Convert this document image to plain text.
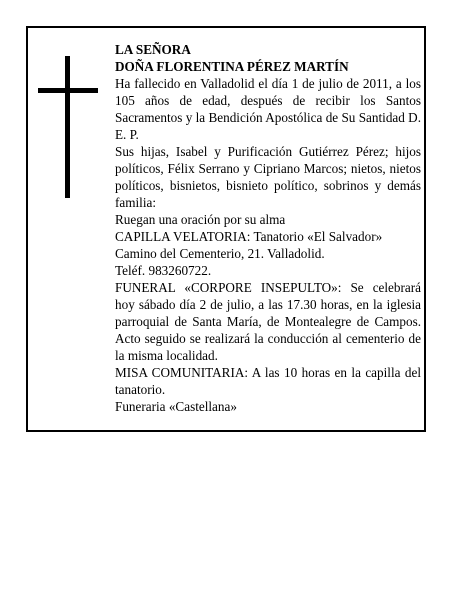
LA SEÑORA

DOÑA FLORENTINA PÉREZ MARTÍN

Ha fallecido en Valladolid el día 1 de julio de 2011, a los 105 años de edad, después de recibir los Santos Sacramentos y la Bendición Apostólica de Su Santidad D. E. P.

Sus hijas, Isabel y Purificación Gutiérrez Pérez; hijos políticos, Félix Serrano y Cipriano Marcos; nietos, nietos políticos, bisnietos, bisnieto político, sobrinos y demás familia:

Ruegan una oración por su alma

CAPILLA VELATORIA: Tanatorio «El Salvador»

Camino del Cementerio, 21. Valladolid.

Teléf. 983260722.

FUNERAL «CORPORE INSEPULTO»: Se celebrará hoy sábado día 2 de julio, a las 17.30 horas, en la iglesia parroquial de Santa María, de Montealegre de Campos. Acto seguido se realizará la conducción al cementerio de la misma localidad.

MISA COMUNITARIA: A las 10 horas en la capilla del tanatorio.

Funeraria «Castellana»
